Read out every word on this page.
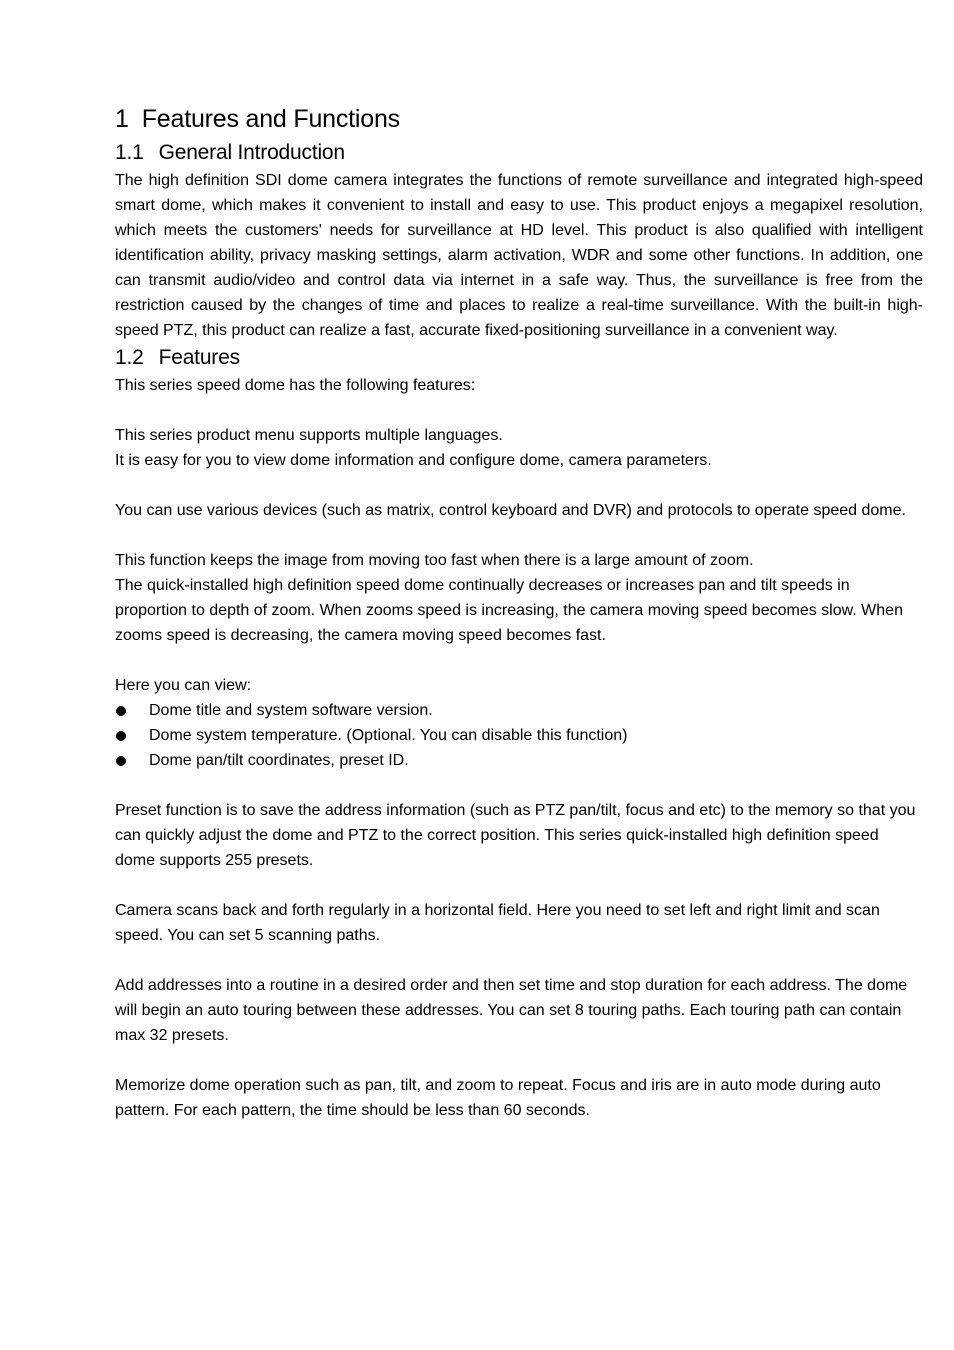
1 Features and Functions
1.1 General Introduction

The high definition SDI dome camera integrates the functions of remote surveillance and integrated high-speed smart dome, which makes it convenient to install and easy to use. This product enjoys a megapixel resolution, which meets the customers' needs for surveillance at HD level. This product is also qualified with intelligent identification ability, privacy masking settings, alarm activation, WDR and some other functions. In addition, one can transmit audio/video and control data via internet in a safe way. Thus, the surveillance is free from the restriction caused by the changes of time and places to realize a real-time surveillance. With the built-in high-speed PTZ, this product can realize a fast, accurate fixed-positioning surveillance in a convenient way.

1.2 Features

This series speed dome has the following features:

This series product menu supports multiple languages.

It is easy for you to view dome information and configure dome, camera parameters.

You can use various devices (such as matrix, control keyboard and DVR) and protocols to operate speed dome.

This function keeps the image from moving too fast when there is a large amount of zoom.

The quick-installed high definition speed dome continually decreases or increases pan and tilt speeds in proportion to depth of zoom. When zooms speed is increasing, the camera moving speed becomes slow. When zooms speed is decreasing, the camera moving speed becomes fast.

Here you can view:

Dome title and system software version.
Dome system temperature. (Optional. You can disable this function)
Dome pan/tilt coordinates, preset ID.

Preset function is to save the address information (such as PTZ pan/tilt, focus and etc) to the memory so that you can quickly adjust the dome and PTZ to the correct position. This series quick-installed high definition speed dome supports 255 presets.

Camera scans back and forth regularly in a horizontal field. Here you need to set left and right limit and scan speed. You can set 5 scanning paths.

Add addresses into a routine in a desired order and then set time and stop duration for each address. The dome will begin an auto touring between these addresses. You can set 8 touring paths. Each touring path can contain max 32 presets.

Memorize dome operation such as pan, tilt, and zoom to repeat. Focus and iris are in auto mode during auto pattern. For each pattern, the time should be less than 60 seconds.
